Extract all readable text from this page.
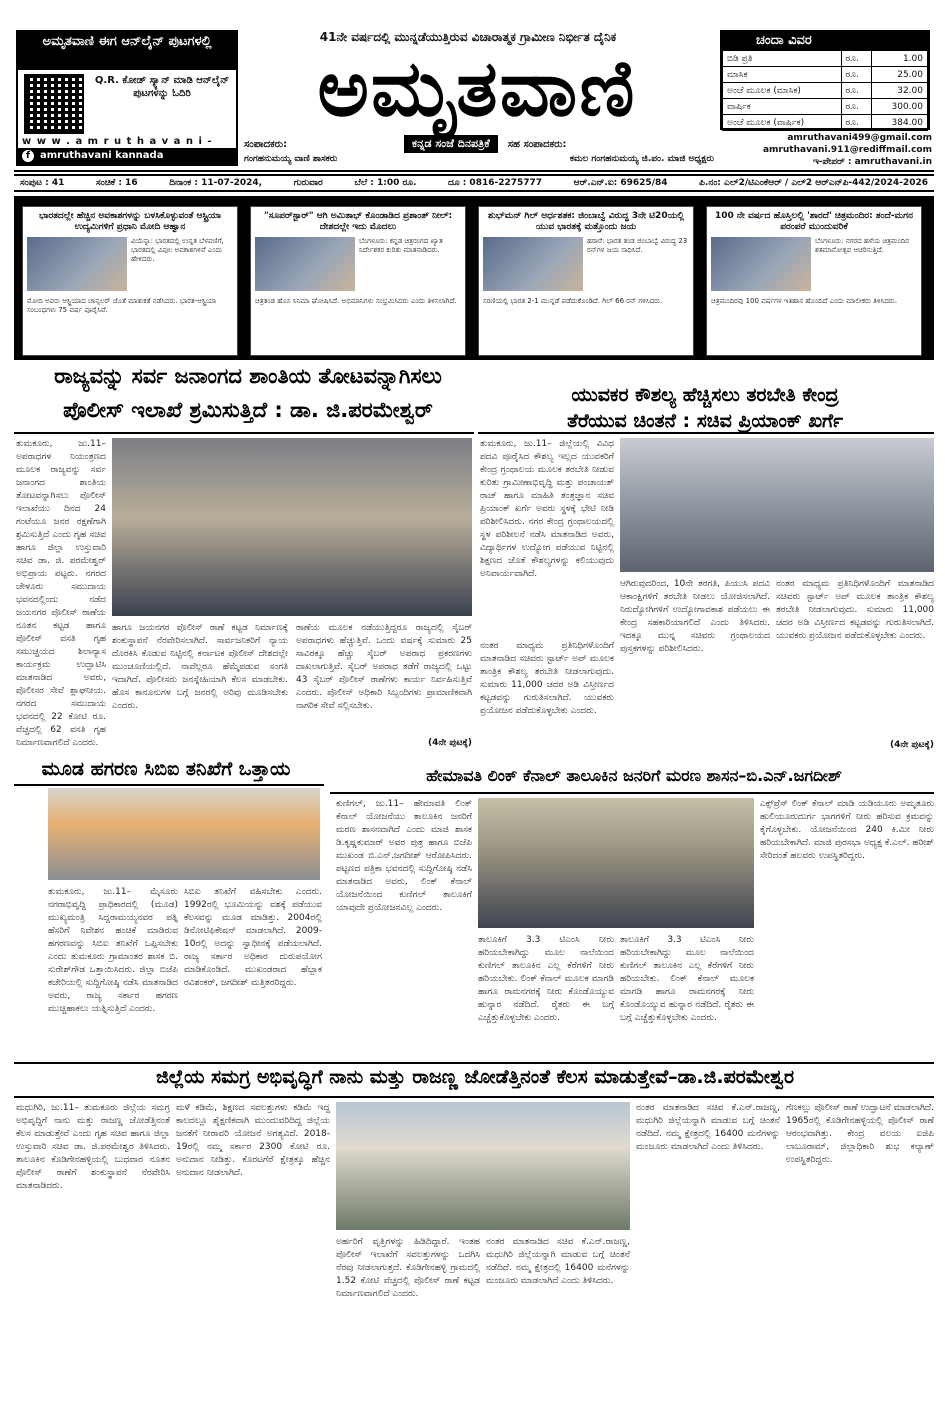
ಅಮೃತವಾಣಿ ಈಗ ಆನ್‌ಲೈನ್ ಪುಟಗಳಲ್ಲಿ
Q.R. ಕೋಡ್ ಸ್ಕ್ಯಾನ್ ಮಾಡಿ ಆನ್‌ಲೈನ್ ಪುಟಗಳನ್ನು ಓದಿರಿ
w w w . a m r u t h a v a n i -
f	amruthavani kannada
41ನೇ ವರ್ಷದಲ್ಲಿ ಮುನ್ನಡೆಯುತ್ತಿರುವ ವಿಚಾರಾತ್ಮಕ ಗ್ರಾಮೀಣ ನಿರ್ಭೀತ ದೈನಿಕ
ಅಮೃತವಾಣಿ
ಸಂಪಾದಕರು:	ಕನ್ನಡ ಸಂಜೆ ದಿನಪತ್ರಿಕೆ	ಸಹ ಸಂಪಾದಕರು:
ಗಂಗಹನುಮಯ್ಯ ವಾಣಿ ಶಾಸಕರು	ಕಮಲ ಗಂಗಹನುಮಯ್ಯ ಜಿ.ಪಂ. ಮಾಜಿ ಅಧ್ಯಕ್ಷರು
ಚಂದಾ ವಿವರ
ಬಿಡಿ ಪ್ರತಿ	ರೂ.	1.00
ಮಾಸಿಕ	ರೂ.	25.00
ಅಂಚೆ ಮೂಲಕ (ಮಾಸಿಕ)	ರೂ.	32.00
ವಾರ್ಷಿಕ	ರೂ.	300.00
ಅಂಚೆ ಮೂಲಕ (ವಾರ್ಷಿಕ)	ರೂ.	384.00
amruthavani499@gmail.com
amruthavani.911@rediffmail.com
ಇ-ಪೇಪರ್ : amruthavani.in
ಸಂಪುಟ : 41	ಸಂಚಿಕೆ : 16	ದಿನಾಂಕ : 11-07-2024,	ಗುರುವಾರ	ಬೆಲೆ : 1:00 ರೂ.	ದೂ : 0816-2275777	ಆರ್.ಎನ್.ಐ: 69625/84	ಪಿ.ನಂ: ಎಲ್2/ಟಿಎಂಕೆಆರ್ / ಎಲ್2 ಆರ್‌ಎನ್‌ಪಿ-442/2024-2026
ಭಾರತದಲ್ಲೇ ಹೆಚ್ಚಿನ ಅವಕಾಶಗಳನ್ನು ಬಳಸಿಕೊಳ್ಳುವಂತೆ ಆಸ್ಟ್ರಿಯಾ ಉದ್ಯಮಿಗಳಿಗೆ ಪ್ರಧಾನಿ ಮೋದಿ ಆಹ್ವಾನ
ವಿಯೆನ್ನಾ: ಭಾರತದಲ್ಲಿ ಉನ್ನತ ಬೆಳವಣಿಗೆ, ಭಾರತದಲ್ಲಿ ವಿಪುಲ ಅವಕಾಶಗಳಿವೆ ಎಂದು ಹೇಳಿದರು.
ಮೋದಿ ಅವರು ಆಸ್ಟ್ರಿಯಾದ ಚಾನ್ಸಲರ್ ಜೊತೆ ಮಾತುಕತೆ ನಡೆಸಿದರು. ಭಾರತ-ಆಸ್ಟ್ರಿಯಾ ಸಂಬಂಧಗಳು 75 ವರ್ಷ ಪೂರೈಸಿವೆ.
"ಸೂಪರ್‌ಸ್ಟಾರ್" ಆಗಿ ಅಮಿತಾಭ್ ಕೊಂಡಾಡಿದ ಪ್ರಶಾಂತ್ ನೀಲ್: ದೇಶದಲ್ಲೇ ಇದು ಮೊದಲು
ಬೆಂಗಳೂರು: ಕನ್ನಡ ಚಿತ್ರರಂಗದ ಖ್ಯಾತ ನಿರ್ದೇಶಕರ ಕುರಿತು ಮಾತನಾಡಿದರು.
ಚಿತ್ರತಂಡ ಹೊಸ ಸಿನಿಮಾ ಘೋಷಿಸಿದೆ. ಅಭಿಮಾನಿಗಳು ಸಂಭ್ರಮಿಸಿದರು ಎಂದು ತಿಳಿಸಲಾಗಿದೆ.
ಶುಭ್‌ಮನ್ ಗಿಲ್ ಅರ್ಧಶತಕ: ಜಿಂಬಾಬ್ವೆ ವಿರುದ್ಧ 3ನೇ ಟಿ20ಯಲ್ಲಿ ಯುವ ಭಾರತಕ್ಕೆ ಮತ್ತೊಂದು ಜಯ
ಹರಾರೆ: ಭಾರತ ತಂಡ ಜಿಂಬಾಬ್ವೆ ವಿರುದ್ಧ 23 ರನ್‌ಗಳ ಜಯ ಸಾಧಿಸಿದೆ.
ಸರಣಿಯಲ್ಲಿ ಭಾರತ 2-1 ಮುನ್ನಡೆ ಪಡೆದುಕೊಂಡಿದೆ. ಗಿಲ್ 66 ರನ್ ಗಳಿಸಿದರು.
100 ನೇ ವರ್ಷದ ಹೊಸ್ತಿಲಲ್ಲಿ 'ಶಾರದೆ' ಚಿತ್ರಮಂದಿರ: ತಂದೆ-ಮಗನ ಪರಂಪರೆ ಮುಂದುವರಿಕೆ
ಬೆಂಗಳೂರು: ನಗರದ ಹಳೆಯ ಚಿತ್ರಮಂದಿರ ಶತಮಾನೋತ್ಸವ ಆಚರಿಸುತ್ತಿದೆ.
ಚಿತ್ರಮಂದಿರವು 100 ವರ್ಷಗಳ ಇತಿಹಾಸ ಹೊಂದಿದೆ ಎಂದು ಮಾಲೀಕರು ತಿಳಿಸಿದರು.
ರಾಜ್ಯವನ್ನು ಸರ್ವ ಜನಾಂಗದ ಶಾಂತಿಯ ತೋಟವನ್ನಾಗಿಸಲು
ಪೊಲೀಸ್ ಇಲಾಖೆ ಶ್ರಮಿಸುತ್ತಿದೆ : ಡಾ. ಜಿ.ಪರಮೇಶ್ವರ್
ತುಮಕೂರು, ಜು.11– ಅಪರಾಧಗಳ ನಿಯಂತ್ರಣದ ಮೂಲಕ ರಾಜ್ಯವನ್ನು ಸರ್ವ ಜನಾಂಗದ ಶಾಂತಿಯ ತೋಟವನ್ನಾಗಿಸಲು ಪೊಲೀಸ್ ಇಲಾಖೆಯು ದಿನದ 24 ಗಂಟೆಯೂ ಜನರ ರಕ್ಷಣೆಗಾಗಿ ಶ್ರಮಿಸುತ್ತಿದೆ ಎಂದು ಗೃಹ ಸಚಿವ ಹಾಗೂ ಜಿಲ್ಲಾ ಉಸ್ತುವಾರಿ ಸಚಿವ ಡಾ. ಜಿ. ಪರಮೇಶ್ವರ್ ಅಭಿಪ್ರಾಯ ಪಟ್ಟರು. ನಗರದ ಚೇಳೂರು ಸಮುದಾಯ ಭವನದಲ್ಲಿಂದು ನಡೆದ ಜಯನಗರ ಪೊಲೀಸ್ ಠಾಣೆಯ ನೂತನ ಕಟ್ಟಡ ಹಾಗೂ ಪೊಲೀಸ್ ವಸತಿ ಗೃಹ ಸಮುಚ್ಚಯದ ಶಿಲಾನ್ಯಾಸ ಕಾರ್ಯಕ್ರಮ ಉದ್ಘಾಟಿಸಿ ಮಾತನಾಡಿದ ಅವರು, ಪೊಲೀಸರ ಸೇವೆ ಶ್ಲಾಘನೀಯ. ನಗರದ ಸಮುದಾಯ ಭವನದಲ್ಲಿ 22 ಕೋಟಿ ರೂ. ವೆಚ್ಚದಲ್ಲಿ 62 ವಸತಿ ಗೃಹ ನಿರ್ಮಾಣವಾಗಲಿದೆ ಎಂದರು.
ಹಾಗೂ ಜಯನಗರ ಪೊಲೀಸ್ ಠಾಣೆ ಕಟ್ಟಡ ನಿರ್ಮಾಣಕ್ಕೆ ಶಂಕುಸ್ಥಾಪನೆ ನೆರವೇರಿಸಲಾಗಿದೆ. ಸಾರ್ವಜನಿಕರಿಗೆ ನ್ಯಾಯ ದೊರಕಿಸಿ ಕೊಡುವ ನಿಟ್ಟಿನಲ್ಲಿ ಕರ್ನಾಟಕ ಪೊಲೀಸ್ ದೇಶದಲ್ಲೇ ಮುಂಚೂಣಿಯಲ್ಲಿದೆ. ನಾವೆಲ್ಲರೂ ಹೆಮ್ಮೆಪಡುವ ಸಂಗತಿ ಇದಾಗಿದೆ. ಪೊಲೀಸರು ಜನಸ್ನೇಹಿಯಾಗಿ ಕೆಲಸ ಮಾಡಬೇಕು. ಹೊಸ ಕಾನೂನುಗಳ ಬಗ್ಗೆ ಜನರಲ್ಲಿ ಅರಿವು ಮೂಡಿಸಬೇಕು ಎಂದರು.
ಠಾಣೆಯ ಮೂಲಕ ನಡೆಯುತ್ತಿದ್ದರೂ ರಾಜ್ಯದಲ್ಲಿ ಸೈಬರ್ ಅಪರಾಧಗಳು ಹೆಚ್ಚುತ್ತಿವೆ. ಒಂದು ವರ್ಷಕ್ಕೆ ಸುಮಾರು 25 ಸಾವಿರಕ್ಕೂ ಹೆಚ್ಚು ಸೈಬರ್ ಅಪರಾಧ ಪ್ರಕರಣಗಳು ದಾಖಲಾಗುತ್ತಿವೆ. ಸೈಬರ್ ಅಪರಾಧ ತಡೆಗೆ ರಾಜ್ಯದಲ್ಲಿ ಒಟ್ಟು 43 ಸೈಬರ್ ಪೊಲೀಸ್ ಠಾಣೆಗಳು ಕಾರ್ಯ ನಿರ್ವಹಿಸುತ್ತಿವೆ ಎಂದರು. ಪೊಲೀಸ್ ಅಧಿಕಾರಿ ಸಿಬ್ಬಂದಿಗಳು ಪ್ರಾಮಾಣಿಕವಾಗಿ ನಾಗರಿಕ ಸೇವೆ ಸಲ್ಲಿಸಬೇಕು.
(4ನೇ ಪುಟಕ್ಕೆ)
ಯುವಕರ ಕೌಶಲ್ಯ ಹೆಚ್ಚಿಸಲು ತರಬೇತಿ ಕೇಂದ್ರ
ತೆರೆಯುವ ಚಿಂತನೆ : ಸಚಿವ ಪ್ರಿಯಾಂಕ್ ಖರ್ಗೆ
ತುಮಕೂರು, ಜು.11– ಜಿಲ್ಲೆಯಲ್ಲಿ ವಿವಿಧ ಪದವಿ ಪೂರೈಸಿದ ಕೌಶಲ್ಯ ಇಲ್ಲದ ಯುವಕರಿಗೆ ಕೇಂದ್ರ ಗ್ರಂಥಾಲಯ ಮೂಲಕ ತರಬೇತಿ ನೀಡುವ ಕುರಿತು ಗ್ರಾಮೀಣಾಭಿವೃದ್ಧಿ ಮತ್ತು ಪಂಚಾಯತ್ ರಾಜ್ ಹಾಗೂ ಮಾಹಿತಿ ತಂತ್ರಜ್ಞಾನ ಸಚಿವ ಪ್ರಿಯಾಂಕ್ ಖರ್ಗೆ ಅವರು ಸ್ಥಳಕ್ಕೆ ಭೇಟಿ ನೀಡಿ ಪರಿಶೀಲಿಸಿದರು. ನಗರ ಕೇಂದ್ರ ಗ್ರಂಥಾಲಯದಲ್ಲಿ ಸ್ಥಳ ಪರಿಶೀಲನೆ ನಡೆಸಿ ಮಾತನಾಡಿದ ಅವರು, ವಿದ್ಯಾರ್ಥಿಗಳ ಉದ್ಯೋಗ ಪಡೆಯುವ ನಿಟ್ಟಿನಲ್ಲಿ ಶಿಕ್ಷಣದ ಜೊತೆ ಕೌಶಲ್ಯಗಳನ್ನು ಕಲಿಯುವುದು ಅನಿವಾರ್ಯವಾಗಿದೆ.
ನಂತರ ಮಾಧ್ಯಮ ಪ್ರತಿನಿಧಿಗಳೊಂದಿಗೆ ಮಾತನಾಡಿದ ಸಚಿವರು ಸ್ಟಾರ್ಟ್ ಅಪ್ ಮೂಲಕ ತಾಂತ್ರಿಕ ಕೌಶಲ್ಯ ತರಬೇತಿ ನೀಡಲಾಗುವುದು. ಸುಮಾರು 11,000 ಚದರ ಅಡಿ ವಿಸ್ತೀರ್ಣದ ಕಟ್ಟಡವನ್ನು ಗುರುತಿಸಲಾಗಿದೆ. ಯುವಕರು ಪ್ರಯೋಜನ ಪಡೆದುಕೊಳ್ಳಬೇಕು ಎಂದರು.
ಆಗಿರುವುದರಿಂದ, 10ನೇ ತರಗತಿ, ಪಿಯುಸಿ ಪದವಿ ಆಕಾಂಕ್ಷಿಗಳಿಗೆ ತರಬೇತಿ ನೀಡಲು ಯೋಜಿಸಲಾಗಿದೆ. ನಿರುದ್ಯೋಗಿಗಳಿಗೆ ಉದ್ಯೋಗಾವಕಾಶ ಪಡೆಯಲು ಈ ಕೇಂದ್ರ ಸಹಕಾರಿಯಾಗಲಿದೆ ಎಂದು ತಿಳಿಸಿದರು. ಇದಕ್ಕೂ ಮುನ್ನ ಸಚಿವರು ಗ್ರಂಥಾಲಯದ ಪುಸ್ತಕಗಳನ್ನು ಪರಿಶೀಲಿಸಿದರು.
ನಂತರ ಮಾಧ್ಯಮ ಪ್ರತಿನಿಧಿಗಳೊಂದಿಗೆ ಮಾತನಾಡಿದ ಸಚಿವರು ಸ್ಟಾರ್ಟ್ ಅಪ್ ಮೂಲಕ ತಾಂತ್ರಿಕ ಕೌಶಲ್ಯ ತರಬೇತಿ ನೀಡಲಾಗುವುದು. ಸುಮಾರು 11,000 ಚದರ ಅಡಿ ವಿಸ್ತೀರ್ಣದ ಕಟ್ಟಡವನ್ನು ಗುರುತಿಸಲಾಗಿದೆ. ಯುವಕರು ಪ್ರಯೋಜನ ಪಡೆದುಕೊಳ್ಳಬೇಕು ಎಂದರು.
(4ನೇ ಪುಟಕ್ಕೆ)
ಮೂಡ ಹಗರಣ ಸಿಬಿಐ ತನಿಖೆಗೆ ಒತ್ತಾಯ
ತುಮಕೂರು, ಜು.11– ಮೈಸೂರು ನಗರಾಭಿವೃದ್ಧಿ ಪ್ರಾಧಿಕಾರದಲ್ಲಿ (ಮೂಡ) ಮುಖ್ಯಮಂತ್ರಿ ಸಿದ್ದರಾಮಯ್ಯನವರ ಪತ್ನಿ ಹೆಸರಿಗೆ ನಿವೇಶನ ಹಂಚಿಕೆ ಮಾಡಿರುವ ಹಗರಣವನ್ನು ಸಿಬಿಐ ತನಿಖೆಗೆ ಒಪ್ಪಿಸಬೇಕು ಎಂದು ತುಮಕೂರು ಗ್ರಾಮಾಂತರ ಶಾಸಕ ಬಿ. ಸುರೇಶ್‌ಗೌಡ ಒತ್ತಾಯಿಸಿದರು. ಜಿಲ್ಲಾ ಬಿಜೆಪಿ ಕಚೇರಿಯಲ್ಲಿ ಸುದ್ದಿಗೋಷ್ಠಿ ನಡೆಸಿ ಮಾತನಾಡಿದ ಅವರು, ರಾಜ್ಯ ಸರ್ಕಾರ ಹಗರಣ ಮುಚ್ಚಿಹಾಕಲು ಯತ್ನಿಸುತ್ತಿದೆ ಎಂದರು.
ಸಿಬಿಐ ತನಿಖೆಗೆ ವಹಿಸಬೇಕು ಎಂದರು. 1992ರಲ್ಲಿ ಭೂಮಿಯನ್ನು ವಶಕ್ಕೆ ಪಡೆಯುವ ಕೆಲಸವನ್ನು ಮೂಡ ಮಾಡಿತ್ತು. 2004ರಲ್ಲಿ ಡಿನೋಟಿಫಿಕೇಷನ್ ಮಾಡಲಾಗಿದೆ. 2009-10ರಲ್ಲಿ ಅದನ್ನು ಸ್ವಾಧೀನಕ್ಕೆ ಪಡೆಯಲಾಗಿದೆ. ರಾಜ್ಯ ಸರ್ಕಾರ ಅಧಿಕಾರ ದುರುಪಯೋಗ ಮಾಡಿಕೊಂಡಿದೆ. ಮುಖಂಡರಾದ ಹೆಬ್ಬಾಕ ರವಿಶಂಕರ್, ಜಗದೀಶ್ ಮತ್ತಿತರರಿದ್ದರು.
ಹೇಮಾವತಿ ಲಿಂಕ್ ಕೆನಾಲ್ ತಾಲೂಕಿನ ಜನರಿಗೆ ಮರಣ ಶಾಸನ–ಬಿ.ಎನ್.ಜಗದೀಶ್
ಕುಣಿಗಲ್, ಜು.11– ಹೇಮಾವತಿ ಲಿಂಕ್ ಕೆನಾಲ್ ಯೋಜನೆಯು ತಾಲೂಕಿನ ಜನರಿಗೆ ಮರಣ ಶಾಸನವಾಗಿದೆ ಎಂದು ಮಾಜಿ ಶಾಸಕ ಡಿ.ಕೃಷ್ಣಕುಮಾರ್ ಅವರ ಪುತ್ರ ಹಾಗೂ ಬಿಜೆಪಿ ಮುಖಂಡ ಬಿ.ಎನ್.ಜಗದೀಶ್ ಆರೋಪಿಸಿದರು. ಪಟ್ಟಣದ ಪತ್ರಿಕಾ ಭವನದಲ್ಲಿ ಸುದ್ದಿಗೋಷ್ಠಿ ನಡೆಸಿ ಮಾತನಾಡಿದ ಅವರು, ಲಿಂಕ್ ಕೆನಾಲ್ ಯೋಜನೆಯಿಂದ ಕುಣಿಗಲ್ ತಾಲೂಕಿಗೆ ಯಾವುದೇ ಪ್ರಯೋಜನವಿಲ್ಲ ಎಂದರು.
ತಾಲೂಕಿಗೆ 3.3 ಟಿಎಂಸಿ ನೀರು ಹರಿಯಬೇಕಾಗಿದ್ದು ಮೂಲ ನಾಲೆಯಿಂದ ಕುಣಿಗಲ್ ತಾಲೂಕಿನ ಎಲ್ಲ ಕೆರೆಗಳಿಗೆ ನೀರು ಹರಿಯಬೇಕು. ಲಿಂಕ್ ಕೆನಾಲ್ ಮೂಲಕ ಮಾಗಡಿ ಹಾಗೂ ರಾಮನಗರಕ್ಕೆ ನೀರು ಕೊಂಡೊಯ್ಯುವ ಹುನ್ನಾರ ನಡೆದಿದೆ. ರೈತರು ಈ ಬಗ್ಗೆ ಎಚ್ಚೆತ್ತುಕೊಳ್ಳಬೇಕು ಎಂದರು.
ತಾಲೂಕಿಗೆ 3.3 ಟಿಎಂಸಿ ನೀರು ಹರಿಯಬೇಕಾಗಿದ್ದು ಮೂಲ ನಾಲೆಯಿಂದ ಕುಣಿಗಲ್ ತಾಲೂಕಿನ ಎಲ್ಲ ಕೆರೆಗಳಿಗೆ ನೀರು ಹರಿಯಬೇಕು. ಲಿಂಕ್ ಕೆನಾಲ್ ಮೂಲಕ ಮಾಗಡಿ ಹಾಗೂ ರಾಮನಗರಕ್ಕೆ ನೀರು ಕೊಂಡೊಯ್ಯುವ ಹುನ್ನಾರ ನಡೆದಿದೆ. ರೈತರು ಈ ಬಗ್ಗೆ ಎಚ್ಚೆತ್ತುಕೊಳ್ಳಬೇಕು ಎಂದರು.
ಎಕ್ಸ್‌ಪ್ರೆಸ್ ಲಿಂಕ್ ಕೆನಾಲ್ ಮಾಡಿ ಯಡಿಯೂರು ಅಮೃತೂರು ಹುಲಿಯೂರುದುರ್ಗ ಭಾಗಗಳಿಗೆ ನೀರು ಹರಿಸುವ ಕ್ರಮವನ್ನು ಕೈಗೊಳ್ಳಬೇಕು. ಯೋಜನೆಯಿಂದ 240 ಕಿ.ಮೀ ನೀರು ಹರಿಯಬೇಕಾಗಿದೆ. ಮಾಜಿ ಪುರಸಭಾ ಅಧ್ಯಕ್ಷ ಕೆ.ಎಲ್. ಹರೀಶ್ ಸೇರಿದಂತೆ ಹಲವರು ಉಪಸ್ಥಿತರಿದ್ದರು.
ಜಿಲ್ಲೆಯ ಸಮಗ್ರ ಅಭಿವೃದ್ಧಿಗೆ ನಾನು ಮತ್ತು ರಾಜಣ್ಣ ಜೋಡೆತ್ತಿನಂತೆ ಕೆಲಸ ಮಾಡುತ್ತೇವೆ–ಡಾ.ಜಿ.ಪರಮೇಶ್ವರ
ಮಧುಗಿರಿ, ಜು.11– ತುಮಕೂರು ಜಿಲ್ಲೆಯ ಸಮಗ್ರ ಅಭಿವೃದ್ಧಿಗೆ ನಾನು ಮತ್ತು ರಾಜಣ್ಣ ಜೋಡೆತ್ತಿನಂತೆ ಕೆಲಸ ಮಾಡುತ್ತೇವೆ ಎಂದು ಗೃಹ ಸಚಿವ ಹಾಗೂ ಜಿಲ್ಲಾ ಉಸ್ತುವಾರಿ ಸಚಿವ ಡಾ. ಜಿ.ಪರಮೇಶ್ವರ ತಿಳಿಸಿದರು. ತಾಲೂಕಿನ ಕೊಡಿಗೇನಹಳ್ಳಿಯಲ್ಲಿ ಬುಧವಾರ ನೂತನ ಪೊಲೀಸ್ ಠಾಣೆಗೆ ಶಂಕುಸ್ಥಾಪನೆ ನೆರವೇರಿಸಿ ಮಾತನಾಡಿದರು.
ಮಳೆ ಕಡಿಮೆ, ಶಿಕ್ಷಣದ ಸವಲತ್ತುಗಳು ಕಡಿಮೆ ಇದ್ದ ಕಾಲದಲ್ಲೂ ಶೈಕ್ಷಣಿಕವಾಗಿ ಮುಂದುವರಿದಿದ್ದ ಜಿಲ್ಲೆಯ ಜನತೆಗೆ ನೀರಾವರಿ ಯೋಜನೆ ಅಗತ್ಯವಿದೆ. 2018-19ರಲ್ಲಿ ನಮ್ಮ ಸರ್ಕಾರ 2300 ಕೋಟಿ ರೂ. ಅನುದಾನ ನೀಡಿತ್ತು. ಕೊರಟಗೆರೆ ಕ್ಷೇತ್ರಕ್ಕೂ ಹೆಚ್ಚಿನ ಅನುದಾನ ನೀಡಲಾಗಿದೆ.
ಅರ್ಹರಿಗೆ ವೃತ್ತಿಗಳನ್ನು ಹಿಡಿದಿದ್ದಾರೆ. ಇಂತಹ ಪೊಲೀಸ್ ಇಲಾಖೆಗೆ ಸವಲತ್ತುಗಳನ್ನು ಒದಗಿಸಿ ನೆರವು ನೀಡಲಾಗುತ್ತದೆ. ಕೊಡಿಗೇನಹಳ್ಳಿ ಗ್ರಾಮದಲ್ಲಿ 1.52 ಕೋಟಿ ವೆಚ್ಚದಲ್ಲಿ ಪೊಲೀಸ್ ಠಾಣೆ ಕಟ್ಟಡ ನಿರ್ಮಾಣವಾಗಲಿದೆ ಎಂದರು.
ನಂತರ ಮಾತನಾಡಿದ ಸಚಿವ ಕೆ.ಎನ್.ರಾಜಣ್ಣ, ಮಧುಗಿರಿ ಜಿಲ್ಲೆಯನ್ನಾಗಿ ಮಾಡುವ ಬಗ್ಗೆ ಚಿಂತನೆ ನಡೆದಿದೆ. ನಮ್ಮ ಕ್ಷೇತ್ರದಲ್ಲಿ 16400 ಮನೆಗಳನ್ನು ಮಂಜೂರು ಮಾಡಲಾಗಿದೆ ಎಂದು ತಿಳಿಸಿದರು.
ನಂತರ ಮಾತನಾಡಿದ ಸಚಿವ ಕೆ.ಎನ್.ರಾಜಣ್ಣ, ಮಧುಗಿರಿ ಜಿಲ್ಲೆಯನ್ನಾಗಿ ಮಾಡುವ ಬಗ್ಗೆ ಚಿಂತನೆ ನಡೆದಿದೆ. ನಮ್ಮ ಕ್ಷೇತ್ರದಲ್ಲಿ 16400 ಮನೆಗಳನ್ನು ಮಂಜೂರು ಮಾಡಲಾಗಿದೆ ಎಂದು ತಿಳಿಸಿದರು.
ಗೆಣಕಲ್ಲು ಪೊಲೀಸ್ ಠಾಣೆ ಉದ್ಘಾಟನೆ ಮಾಡಲಾಗಿದೆ. 1965ರಲ್ಲಿ ಕೊಡಿಗೇನಹಳ್ಳಿಯಲ್ಲಿ ಪೊಲೀಸ್ ಠಾಣೆ ಆರಂಭವಾಗಿತ್ತು. ಕೇಂದ್ರ ವಲಯ ಐಜಿಪಿ ಲಾಬೂರಾಮ್, ಜಿಲ್ಲಾಧಿಕಾರಿ ಶುಭ ಕಲ್ಯಾಣ್ ಉಪಸ್ಥಿತರಿದ್ದರು.
